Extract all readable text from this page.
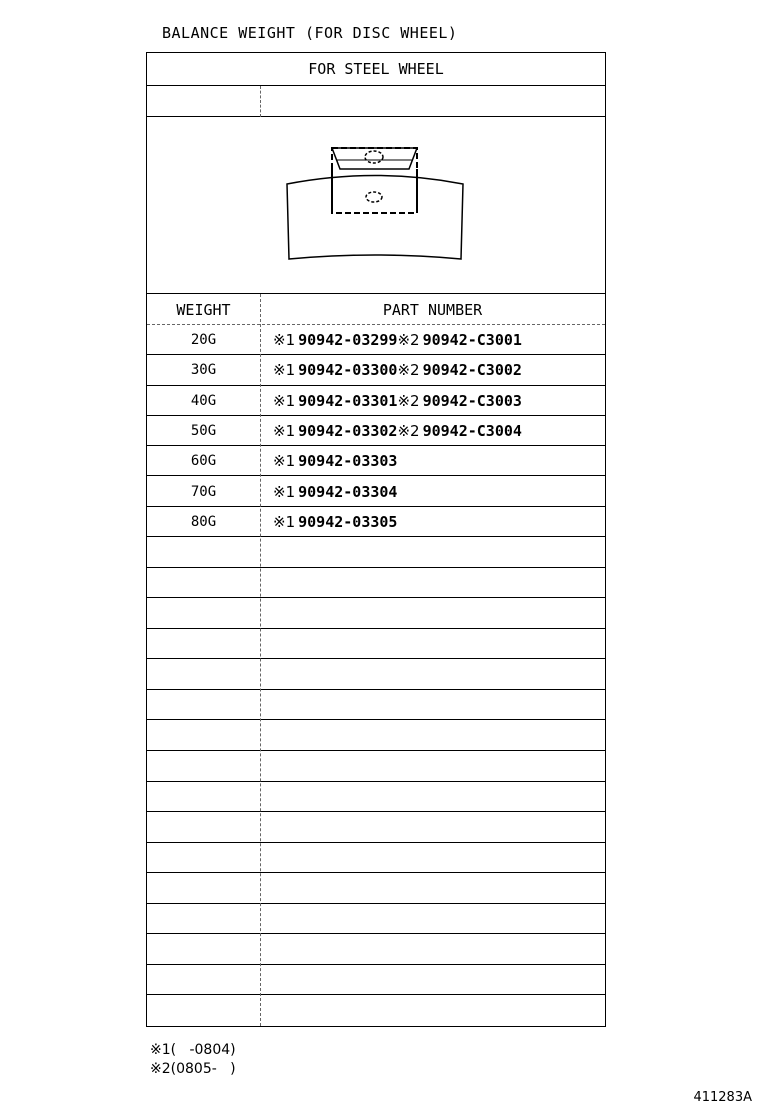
BALANCE WEIGHT (FOR DISC WHEEL)
FOR STEEL WHEEL
WEIGHT	PART NUMBER
20G	※1 90942-03299※2 90942-C3001
30G	※1 90942-03300※2 90942-C3002
40G	※1 90942-03301※2 90942-C3003
50G	※1 90942-03302※2 90942-C3004
60G	※1 90942-03303
70G	※1 90942-03304
80G	※1 90942-03305
※1(   -0804)
※2(0805-   )
411283A
